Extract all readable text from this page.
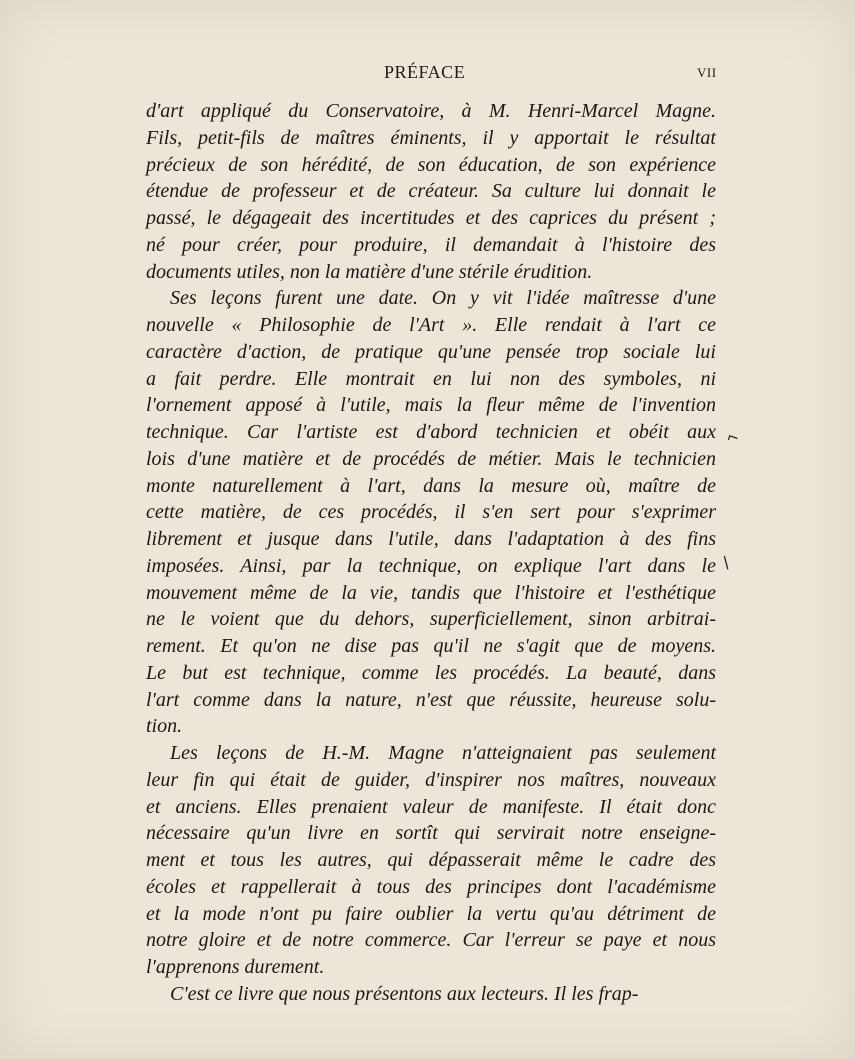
PRÉFACE	VII
d'art appliqué du Conservatoire, à M. Henri-Marcel Magne.
Fils, petit-fils de maîtres éminents, il y apportait le résultat
précieux de son hérédité, de son éducation, de son expérience
étendue de professeur et de créateur. Sa culture lui donnait le
passé, le dégageait des incertitudes et des caprices du présent ;
né pour créer, pour produire, il demandait à l'histoire des
documents utiles, non la matière d'une stérile érudition.
Ses leçons furent une date. On y vit l'idée maîtresse d'une
nouvelle « Philosophie de l'Art ». Elle rendait à l'art ce
caractère d'action, de pratique qu'une pensée trop sociale lui
a fait perdre. Elle montrait en lui non des symboles, ni
l'ornement apposé à l'utile, mais la fleur même de l'invention
technique. Car l'artiste est d'abord technicien et obéit aux
lois d'une matière et de procédés de métier. Mais le technicien
monte naturellement à l'art, dans la mesure où, maître de
cette matière, de ces procédés, il s'en sert pour s'exprimer
librement et jusque dans l'utile, dans l'adaptation à des fins
imposées. Ainsi, par la technique, on explique l'art dans le
mouvement même de la vie, tandis que l'histoire et l'esthétique
ne le voient que du dehors, superficiellement, sinon arbitrai-
rement. Et qu'on ne dise pas qu'il ne s'agit que de moyens.
Le but est technique, comme les procédés. La beauté, dans
l'art comme dans la nature, n'est que réussite, heureuse solu-
tion.
Les leçons de H.-M. Magne n'atteignaient pas seulement
leur fin qui était de guider, d'inspirer nos maîtres, nouveaux
et anciens. Elles prenaient valeur de manifeste. Il était donc
nécessaire qu'un livre en sortît qui servirait notre enseigne-
ment et tous les autres, qui dépasserait même le cadre des
écoles et rappellerait à tous des principes dont l'académisme
et la mode n'ont pu faire oublier la vertu qu'au détriment de
notre gloire et de notre commerce. Car l'erreur se paye et nous
l'apprenons durement.
C'est ce livre que nous présentons aux lecteurs. Il les frap-
⌐
/
